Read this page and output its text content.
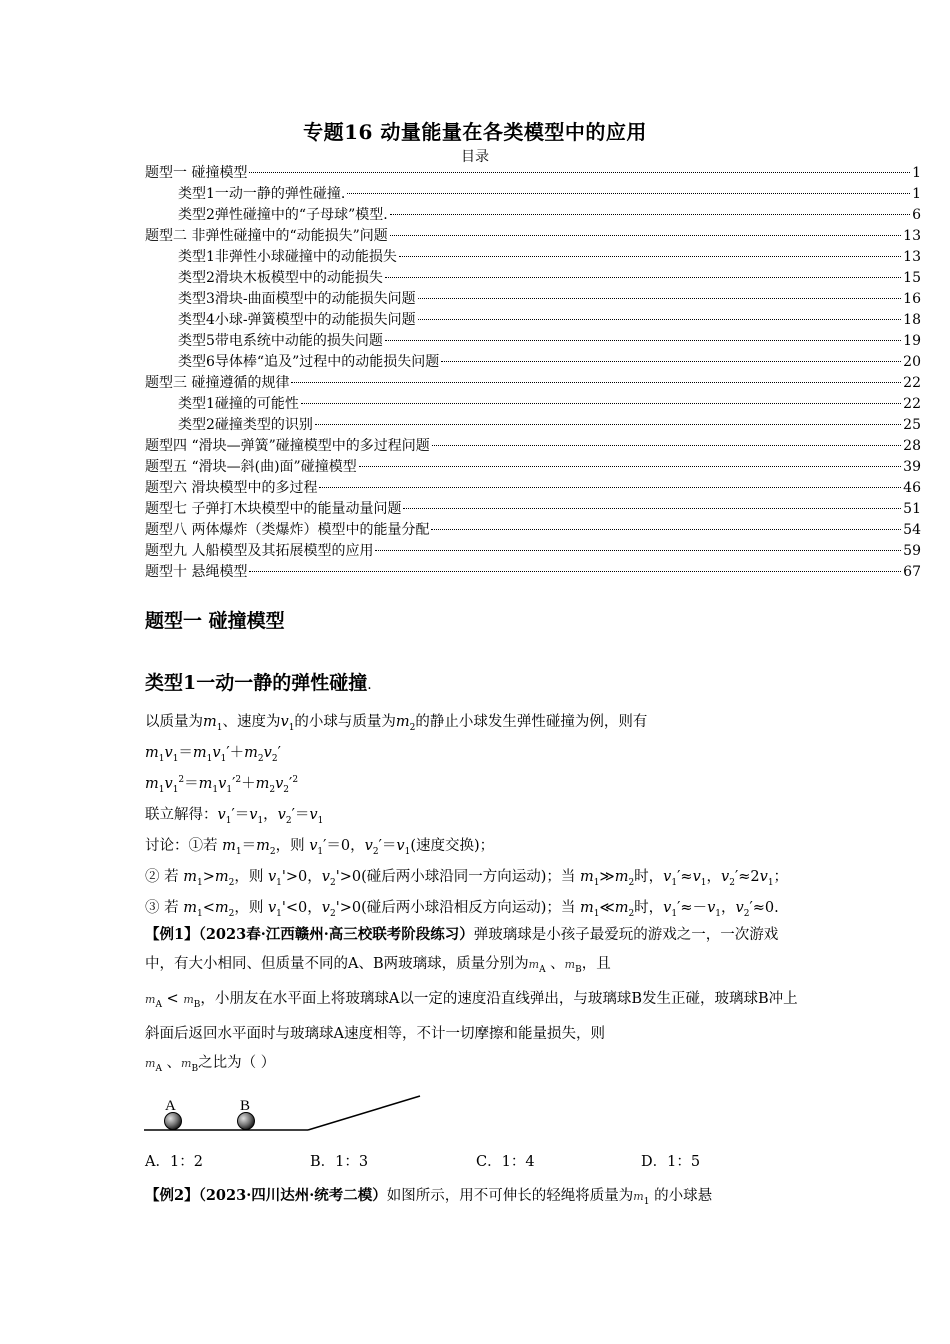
专题16 动量能量在各类模型中的应用
目录
题型一 碰撞模型	1
类型1一动一静的弹性碰撞.	1
类型2弹性碰撞中的“子母球”模型.	6
题型二 非弹性碰撞中的“动能损失”问题	13
类型1非弹性小球碰撞中的动能损失	13
类型2滑块木板模型中的动能损失	15
类型3滑块-曲面模型中的动能损失问题	16
类型4小球-弹簧模型中的动能损失问题	18
类型5带电系统中动能的损失问题	19
类型6导体棒“追及”过程中的动能损失问题	20
题型三 碰撞遵循的规律	22
类型1碰撞的可能性	22
类型2碰撞类型的识别	25
题型四 “滑块—弹簧”碰撞模型中的多过程问题	28
题型五 “滑块—斜(曲)面”碰撞模型	39
题型六 滑块模型中的多过程	46
题型七 子弹打木块模型中的能量动量问题	51
题型八 两体爆炸（类爆炸）模型中的能量分配	54
题型九 人船模型及其拓展模型的应用	59
题型十 悬绳模型	67
题型一 碰撞模型
类型1一动一静的弹性碰撞.
以质量为$m_1$、速度为$v_1$的小球与质量为$m_2$的静止小球发生弹性碰撞为例，则有
$m_1v_1=m_1v_1'+m_2v_2'$
$m_1v_1^2=m_1v_1'^2+m_2v_2'^2$
联立解得：$v_1'=v_1$，$v_2'=v_1$
讨论：①若 $m_1=m_2$，则 $v_1'=0$，$v_2'=v_1$(速度交换)；
② 若 $m_1>m_2$，则 $v_1'>0$，$v_2'>0$(碰后两小球沿同一方向运动)；当 $m_1≫m_2$时，$v_1'\approx v_1$，$v_2'\approx 2v_1$；
③ 若 $m_1<m_2$，则 $v_1'<0$，$v_2'>0$(碰后两小球沿相反方向运动)；当 $m_1≪m_2$时，$v_1'\approx-v_1$，$v_2'\approx 0$.
【例1】（2023春·江西赣州·高三校联考阶段练习）弹玻璃球是小孩子最爱玩的游戏之一，一次游戏中，有大小相同、但质量不同的A、B两玻璃球，质量分别为$m_A$ 、$m_B$，且
$m_A < m_B$，小朋友在水平面上将玻璃球A以一定的速度沿直线弹出，与玻璃球B发生正碰，玻璃球B冲上斜面后返回水平面时与玻璃球A速度相等，不计一切摩擦和能量损失，则
$m_A$ 、$m_B$之比为（ ）
A	B
A．1：2	B．1：3	C．1：4	D．1：5
【例2】（2023·四川达州·统考二模）如图所示，用不可伸长的轻绳将质量为$m_1$ 的小球悬
